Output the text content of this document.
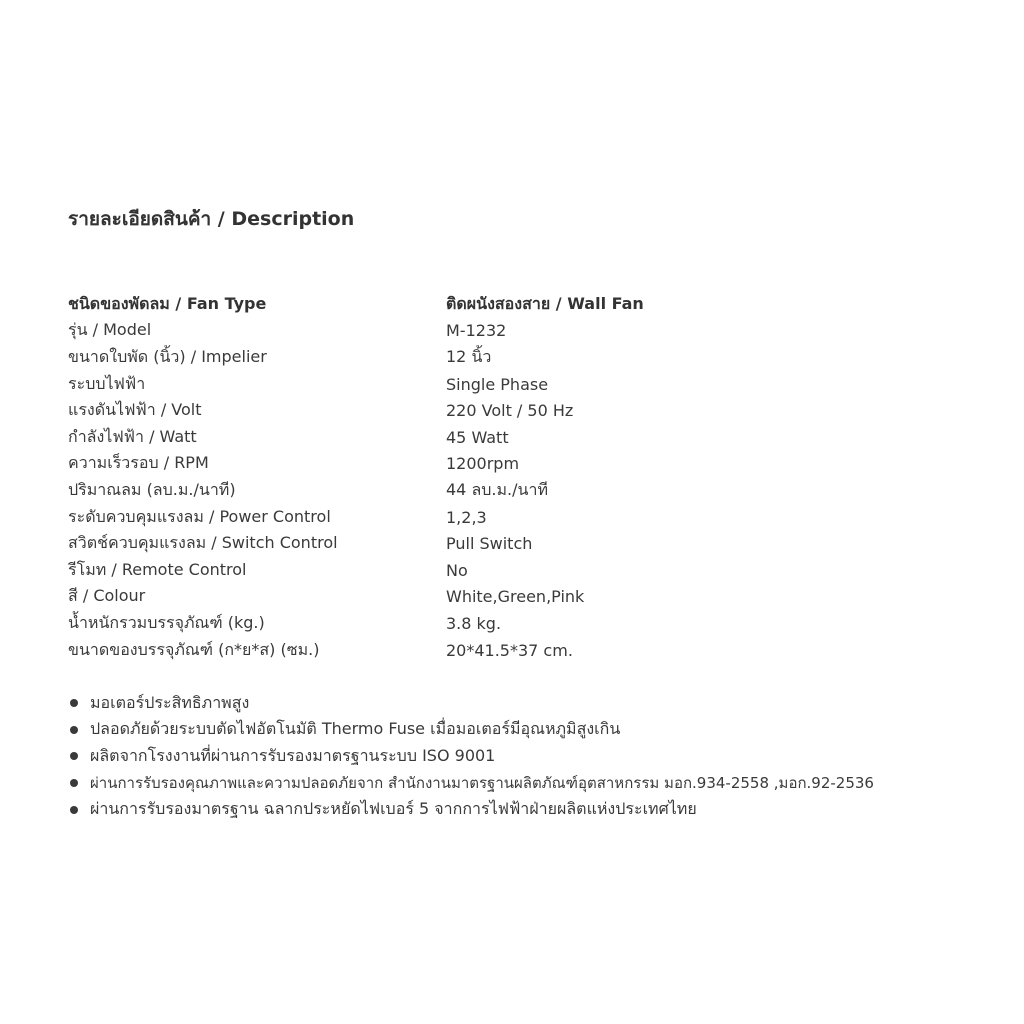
รายละเอียดสินค้า / Description
ชนิดของพัดลม / Fan Type	ติดผนังสองสาย / Wall Fan
รุ่น / Model	M-1232
ขนาดใบพัด (นิ้ว) / Impelier	12 นิ้ว
ระบบไฟฟ้า	Single Phase
แรงดันไฟฟ้า / Volt	220 Volt / 50 Hz
กำลังไฟฟ้า / Watt	45 Watt
ความเร็วรอบ / RPM	1200rpm
ปริมาณลม (ลบ.ม./นาที)	44 ลบ.ม./นาที
ระดับควบคุมแรงลม / Power Control	1,2,3
สวิตช์ควบคุมแรงลม / Switch Control	Pull Switch
รีโมท / Remote Control	No
สี / Colour	White,Green,Pink
น้ำหนักรวมบรรจุภัณฑ์ (kg.)	3.8 kg.
ขนาดของบรรจุภัณฑ์ (ก*ย*ส) (ซม.)	20*41.5*37 cm.
มอเตอร์ประสิทธิภาพสูง
ปลอดภัยด้วยระบบตัดไฟอัตโนมัติ Thermo Fuse เมื่อมอเตอร์มีอุณหภูมิสูงเกิน
ผลิตจากโรงงานที่ผ่านการรับรองมาตรฐานระบบ ISO 9001
ผ่านการรับรองคุณภาพและความปลอดภัยจาก สำนักงานมาตรฐานผลิตภัณฑ์อุตสาหกรรม มอก.934-2558 ,มอก.92-2536
ผ่านการรับรองมาตรฐาน ฉลากประหยัดไฟเบอร์ 5 จากการไฟฟ้าฝ่ายผลิตแห่งประเทศไทย
